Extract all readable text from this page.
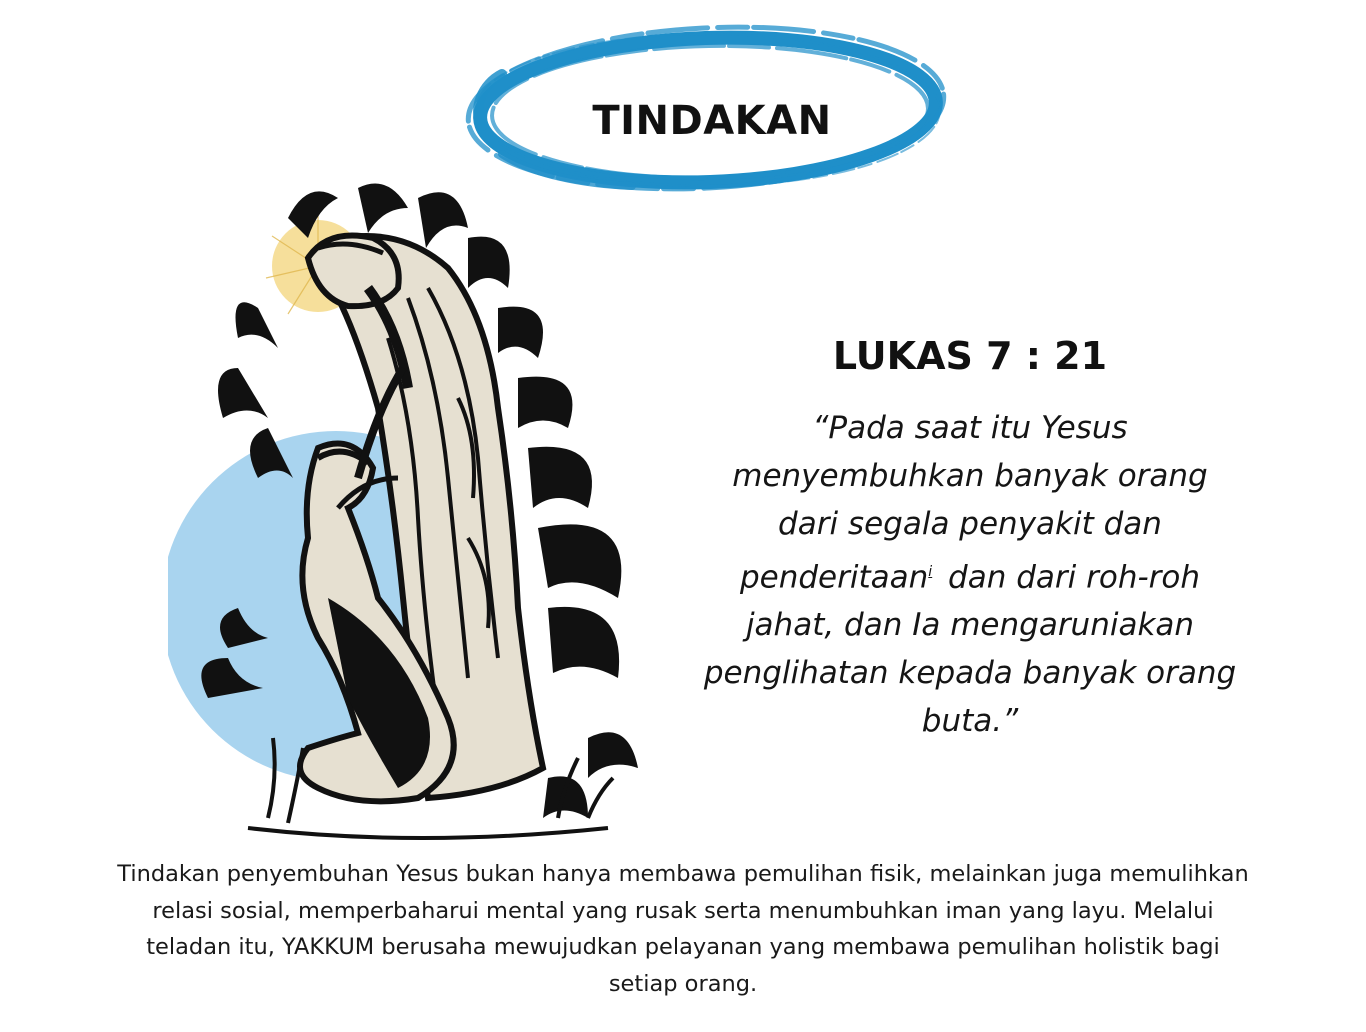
TINDAKAN
LUKAS 7 : 21
“Pada saat itu Yesus menyembuhkan banyak orang dari segala penyakit dan penderitaan$^i$ dan dari roh-roh jahat, dan Ia mengaruniakan penglihatan kepada banyak orang buta.”
Tindakan penyembuhan Yesus bukan hanya membawa pemulihan fisik, melainkan juga memulihkan relasi sosial, memperbaharui mental yang rusak serta menumbuhkan iman yang layu. Melalui teladan itu, YAKKUM berusaha mewujudkan pelayanan yang membawa pemulihan holistik bagi setiap orang.
